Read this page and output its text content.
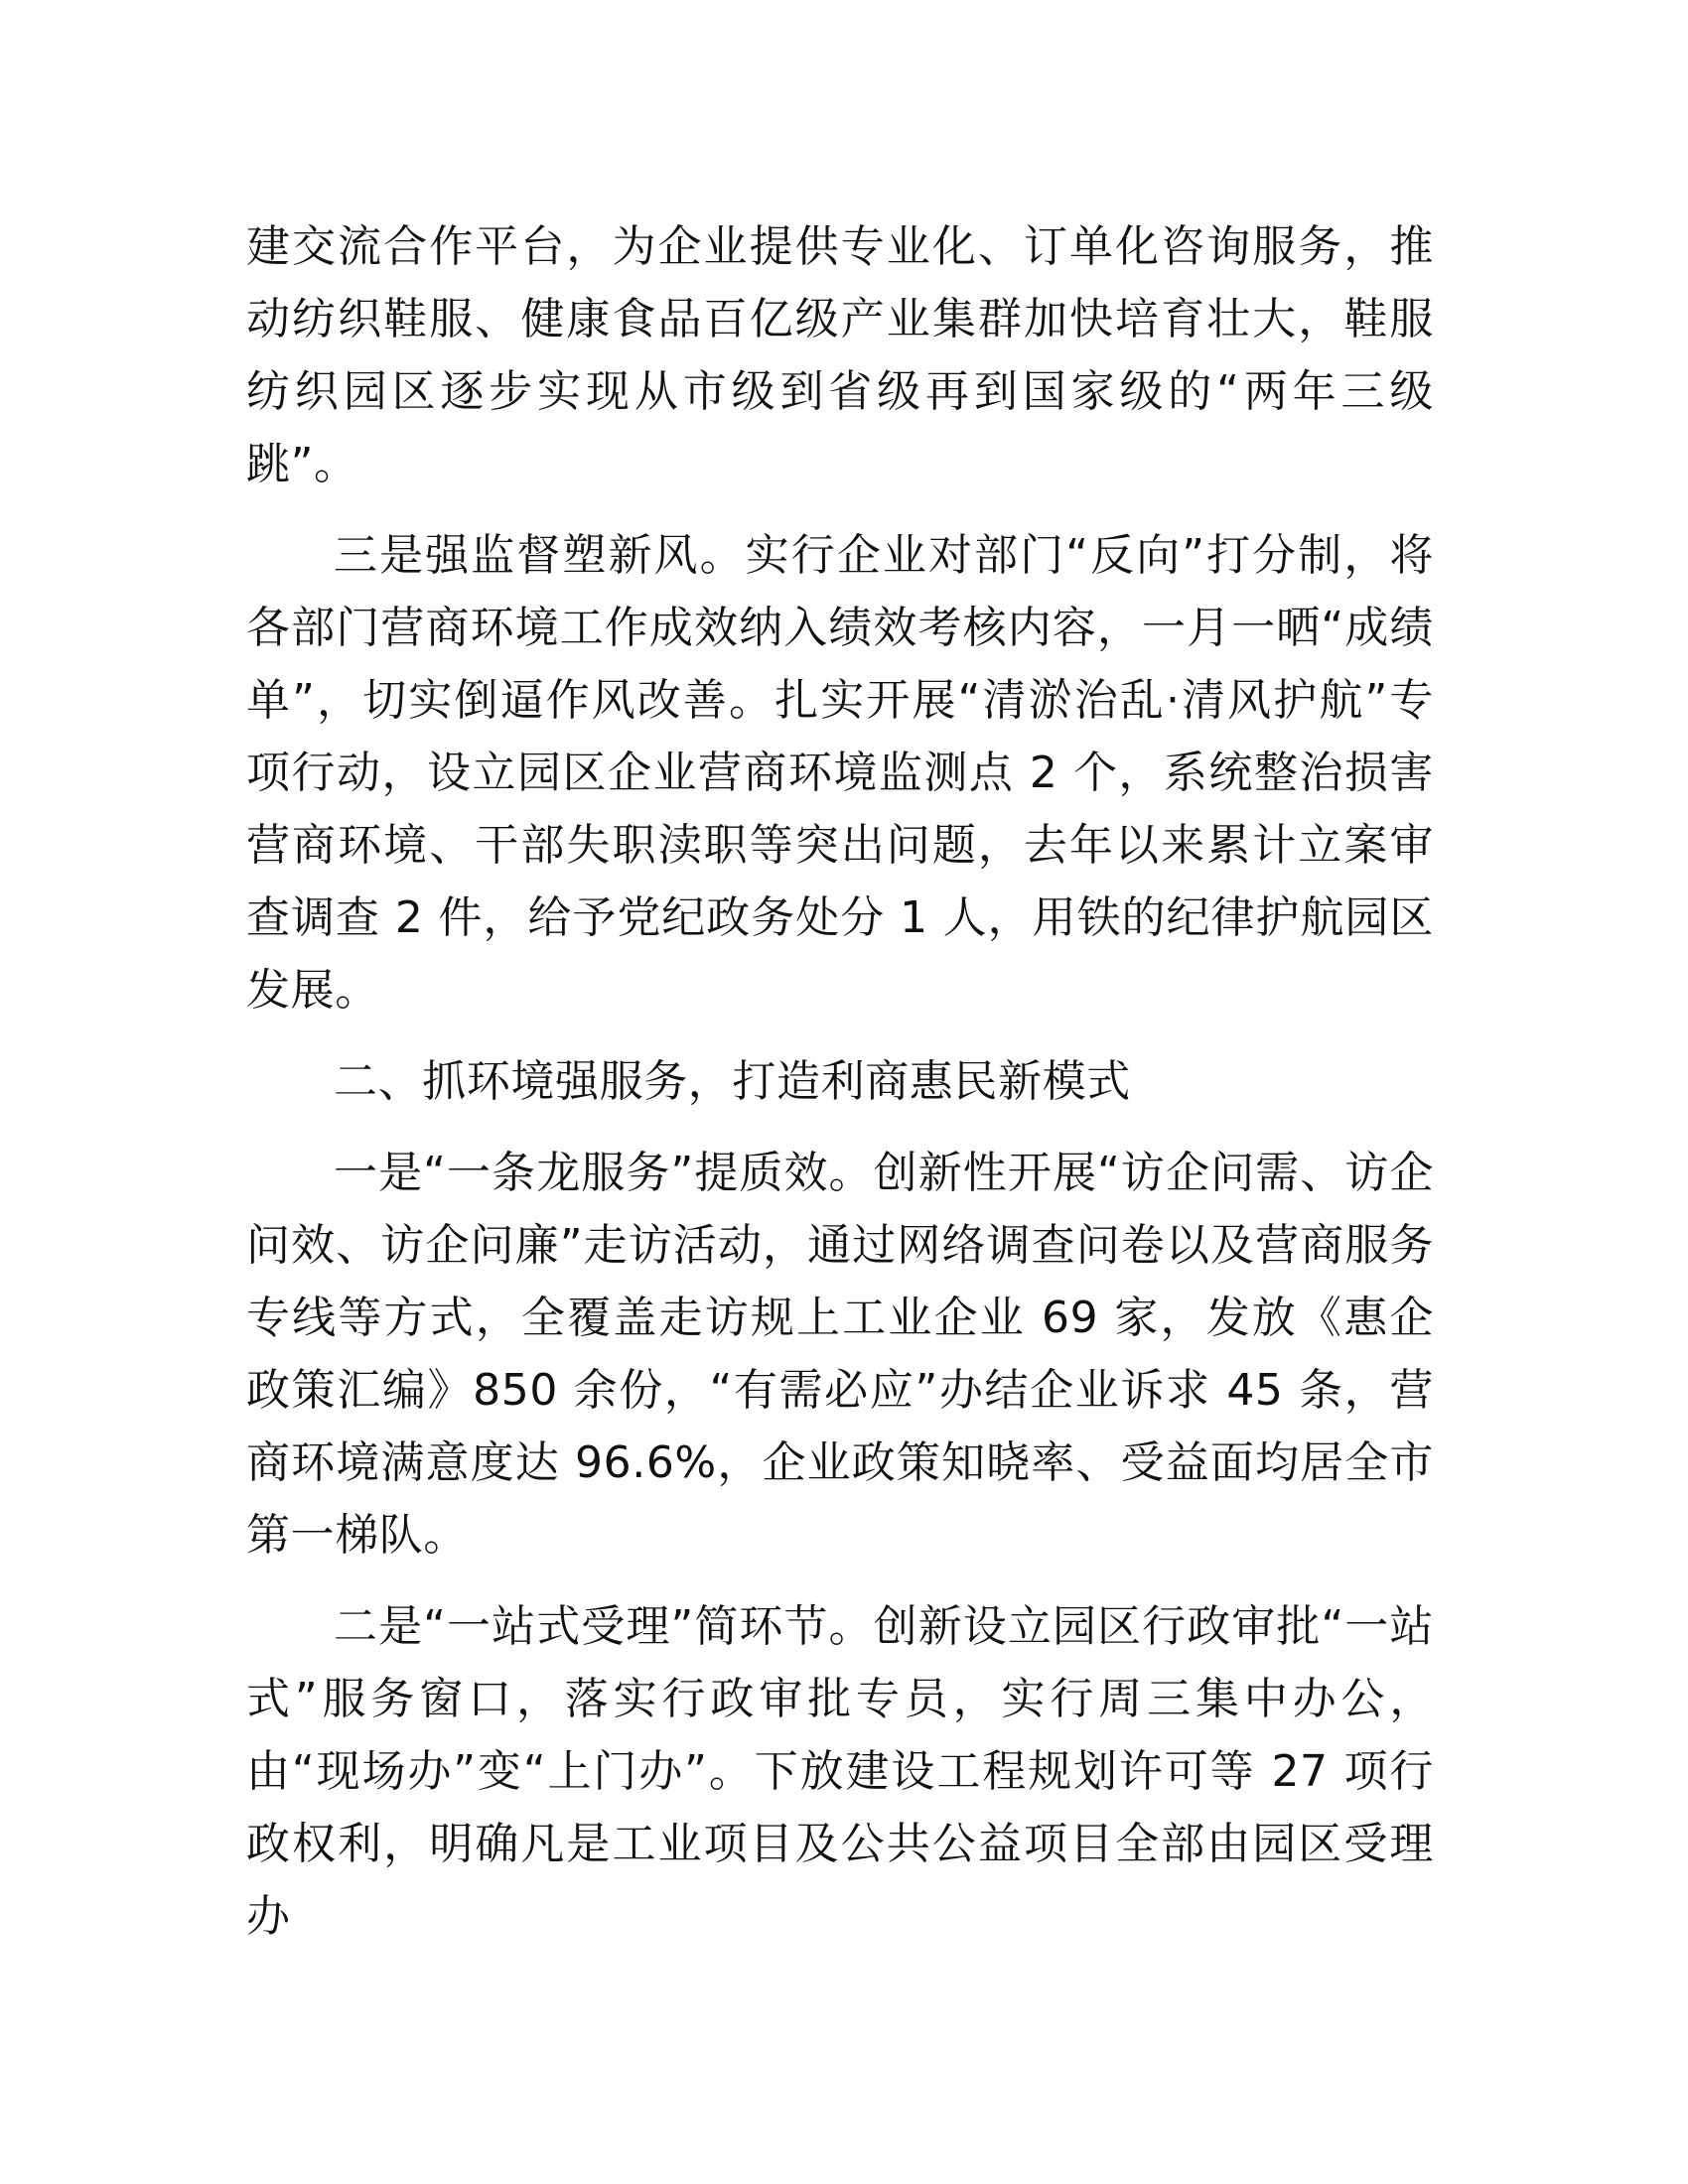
建交流合作平台，为企业提供专业化、订单化咨询服务，推动纺织鞋服、健康食品百亿级产业集群加快培育壮大，鞋服纺织园区逐步实现从市级到省级再到国家级的“两年三级跳”。

三是强监督塑新风。实行企业对部门“反向”打分制，将各部门营商环境工作成效纳入绩效考核内容，一月一晒“成绩单”，切实倒逼作风改善。扎实开展“清淤治乱·清风护航”专项行动，设立园区企业营商环境监测点 2 个，系统整治损害营商环境、干部失职渎职等突出问题，去年以来累计立案审查调查 2 件，给予党纪政务处分 1 人，用铁的纪律护航园区发展。

二、抓环境强服务，打造利商惠民新模式

一是“一条龙服务”提质效。创新性开展“访企问需、访企问效、访企问廉”走访活动，通过网络调查问卷以及营商服务专线等方式，全覆盖走访规上工业企业 69 家，发放《惠企政策汇编》850 余份，“有需必应”办结企业诉求 45 条，营商环境满意度达 96.6%，企业政策知晓率、受益面均居全市第一梯队。

二是“一站式受理”简环节。创新设立园区行政审批“一站式”服务窗口，落实行政审批专员，实行周三集中办公，由“现场办”变“上门办”。下放建设工程规划许可等 27 项行政权利，明确凡是工业项目及公共公益项目全部由园区受理办
